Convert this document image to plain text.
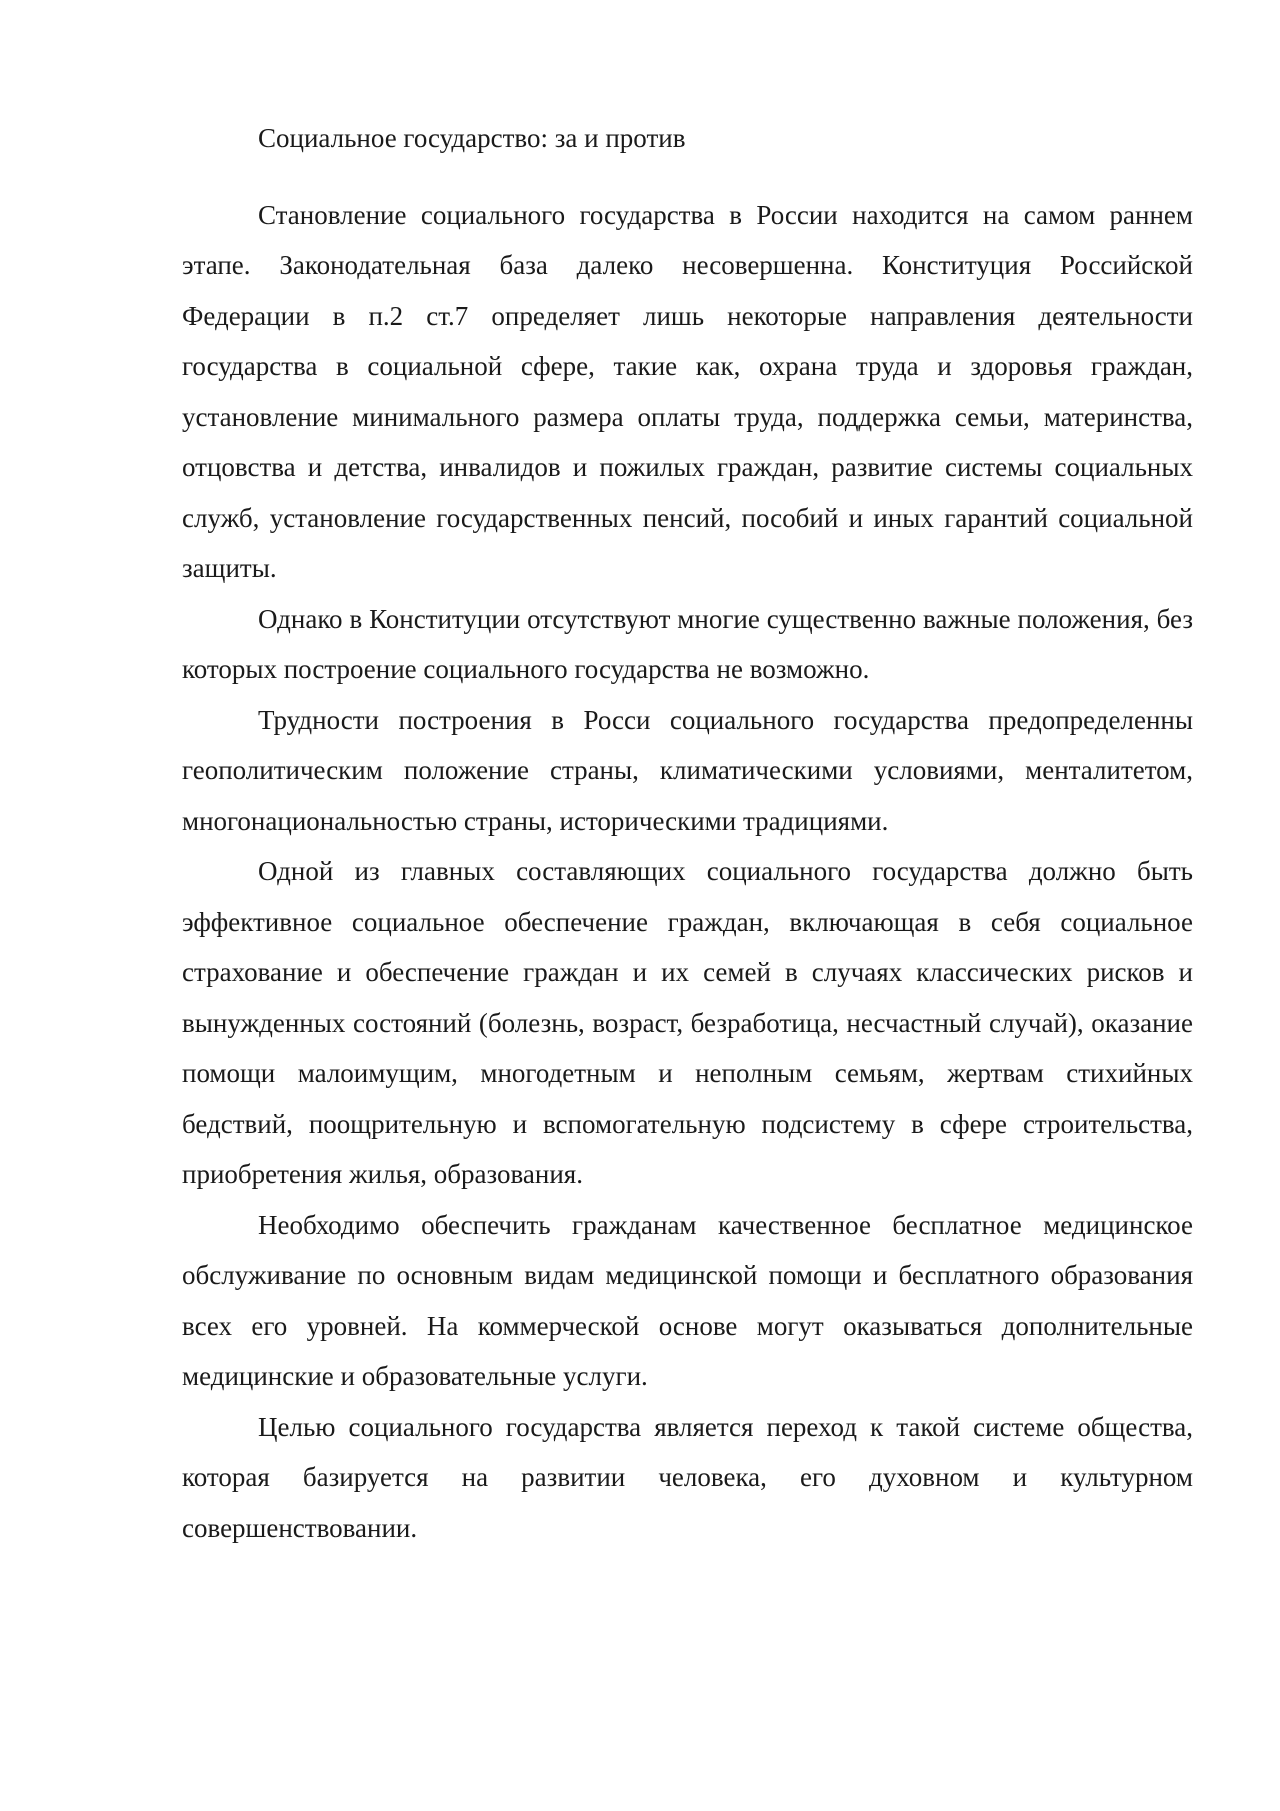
Социальное государство: за и против

Становление социального государства в России находится на самом раннем этапе. Законодательная база далеко несовершенна. Конституция Российской Федерации в п.2 ст.7 определяет лишь некоторые направления деятельности государства в социальной сфере, такие как, охрана труда и здоровья граждан, установление минимального размера оплаты труда, поддержка семьи, материнства, отцовства и детства, инвалидов и пожилых граждан, развитие системы социальных служб, установление государственных пенсий, пособий и иных гарантий социальной защиты.

Однако в Конституции отсутствуют многие существенно важные положения, без которых построение социального государства не возможно.

Трудности построения в Росси социального государства предопределенны геополитическим положение страны, климатическими условиями, менталитетом, многонациональностью страны, историческими традициями.

Одной из главных составляющих социального государства должно быть эффективное социальное обеспечение граждан, включающая в себя социальное страхование и обеспечение граждан и их семей в случаях классических рисков и вынужденных состояний (болезнь, возраст, безработица, несчастный случай), оказание помощи малоимущим, многодетным и неполным семьям, жертвам стихийных бедствий, поощрительную и вспомогательную подсистему в сфере строительства, приобретения жилья, образования.

Необходимо обеспечить гражданам качественное бесплатное медицинское обслуживание по основным видам медицинской помощи и бесплатного образования всех его уровней. На коммерческой основе могут оказываться дополнительные медицинские и образовательные услуги.

Целью социального государства является переход к такой системе общества, которая базируется на развитии человека, его духовном и культурном совершенствовании.
